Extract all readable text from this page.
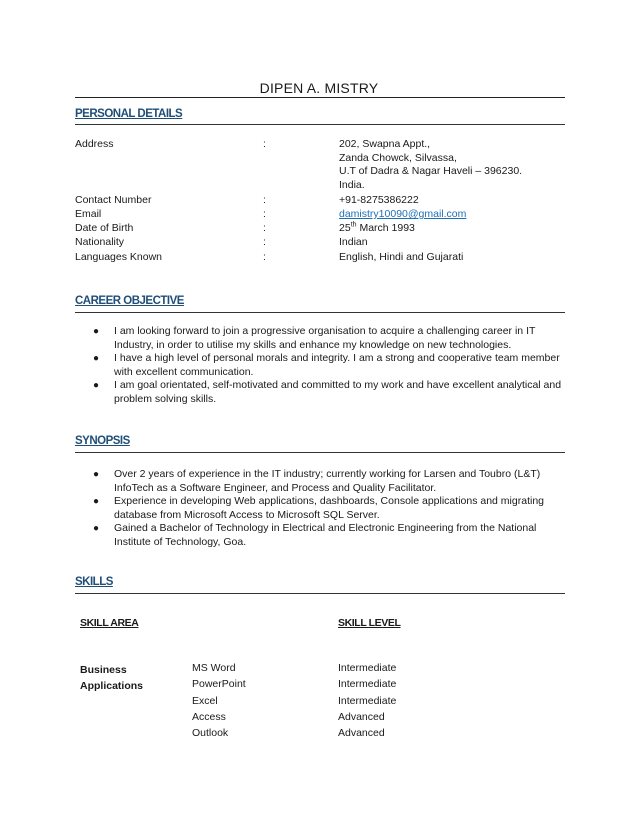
DIPEN A. MISTRY
PERSONAL DETAILS
Address	:	202, Swapna Appt.,
Zanda Chowck, Silvassa,
U.T of Dadra & Nagar Haveli – 396230.
India.
Contact Number	:	+91-8275386222
Email	:	damistry10090@gmail.com
Date of Birth	:	25th March 1993
Nationality	:	Indian
Languages Known	:	English, Hindi and Gujarati
CAREER OBJECTIVE
● I am looking forward to join a progressive organisation to acquire a challenging career in IT Industry, in order to utilise my skills and enhance my knowledge on new technologies.
● I have a high level of personal morals and integrity. I am a strong and cooperative team member with excellent communication.
● I am goal orientated, self-motivated and committed to my work and have excellent analytical and problem solving skills.
SYNOPSIS
● Over 2 years of experience in the IT industry; currently working for Larsen and Toubro (L&T) InfoTech as a Software Engineer, and Process and Quality Facilitator.
● Experience in developing Web applications, dashboards, Console applications and migrating database from Microsoft Access to Microsoft SQL Server.
● Gained a Bachelor of Technology in Electrical and Electronic Engineering from the National Institute of Technology, Goa.
SKILLS
SKILL AREA	SKILL LEVEL
Business
Applications
MS Word	Intermediate
PowerPoint	Intermediate
Excel	Intermediate
Access	Advanced
Outlook	Advanced
